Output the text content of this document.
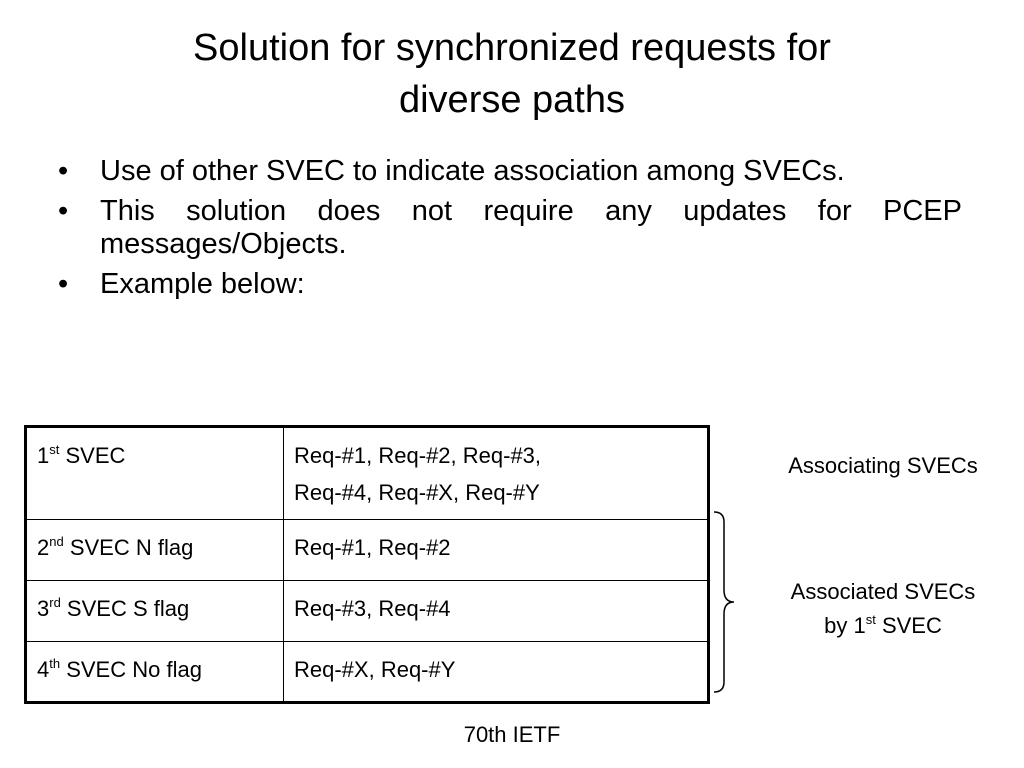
Solution for synchronized requests for
diverse paths
•	Use of other SVEC to indicate association among SVECs.
•	This solution does not require any updates for PCEP messages/Objects.
•	Example below:
1st SVEC	Req-#1, Req-#2, Req-#3,
Req-#4, Req-#X, Req-#Y

2nd SVEC N flag	Req-#1, Req-#2

3rd SVEC S flag	Req-#3, Req-#4

4th SVEC No flag	Req-#X, Req-#Y
Associating SVECs
Associated SVECs
by 1st SVEC
70th IETF
